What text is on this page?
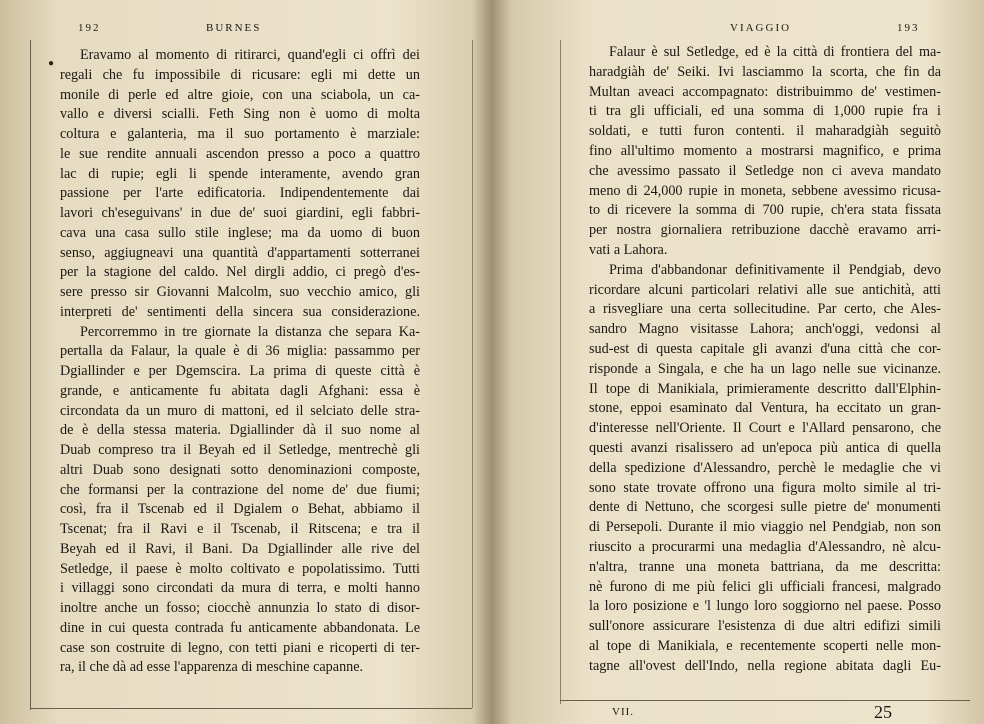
192	BURNES
●
Eravamo al momento di ritirarci, quand'egli ci offrì dei
regali che fu impossibile di ricusare: egli mi dette un
monile di perle ed altre gioie, con una sciabola, un ca-
vallo e diversi scialli. Feth Sing non è uomo di molta
coltura e galanteria, ma il suo portamento è marziale:
le sue rendite annuali ascendon presso a poco a quattro
lac di rupie; egli li spende interamente, avendo gran
passione per l'arte edificatoria. Indipendentemente dai
lavori ch'eseguivans' in due de' suoi giardini, egli fabbri-
cava una casa sullo stile inglese; ma da uomo di buon
senso, aggiugneavi una quantità d'appartamenti sotterranei
per la stagione del caldo. Nel dirgli addio, ci pregò d'es-
sere presso sir Giovanni Malcolm, suo vecchio amico, gli
interpreti de' sentimenti della sincera sua considerazione.
Percorremmo in tre giornate la distanza che separa Ka-
pertalla da Falaur, la quale è di 36 miglia: passammo per
Dgiallinder e per Dgemscira. La prima di queste città è
grande, e anticamente fu abitata dagli Afghani: essa è
circondata da un muro di mattoni, ed il selciato delle stra-
de è della stessa materia. Dgiallinder dà il suo nome al
Duab compreso tra il Beyah ed il Setledge, mentrechè gli
altri Duab sono designati sotto denominazioni composte,
che formansi per la contrazione del nome de' due fiumi;
così, fra il Tscenab ed il Dgialem o Behat, abbiamo il
Tscenat; fra il Ravi e il Tscenab, il Ritscena; e tra il
Beyah ed il Ravi, il Bani. Da Dgiallinder alle rive del
Setledge, il paese è molto coltivato e popolatissimo. Tutti
i villaggi sono circondati da mura di terra, e molti hanno
inoltre anche un fosso; ciocchè annunzia lo stato di disor-
dine in cui questa contrada fu anticamente abbandonata. Le
case son costruite di legno, con tetti piani e ricoperti di ter-
ra, il che dà ad esse l'apparenza di meschine capanne.
VIAGGIO	193
Falaur è sul Setledge, ed è la città di frontiera del ma-
haradgiàh de' Seiki. Ivi lasciammo la scorta, che fin da
Multan aveaci accompagnato: distribuimmo de' vestimen-
ti tra gli ufficiali, ed una somma di 1,000 rupie fra i
soldati, e tutti furon contenti. il maharadgiàh seguitò
fino all'ultimo momento a mostrarsi magnifico, e prima
che avessimo passato il Setledge non ci aveva mandato
meno di 24,000 rupie in moneta, sebbene avessimo ricusa-
to di ricevere la somma di 700 rupie, ch'era stata fissata
per nostra giornaliera retribuzione dacchè eravamo arri-
vati a Lahora.
Prima d'abbandonar definitivamente il Pendgiab, devo
ricordare alcuni particolari relativi alle sue antichità, atti
a risvegliare una certa sollecitudine. Par certo, che Ales-
sandro Magno visitasse Lahora; anch'oggi, vedonsi al
sud-est di questa capitale gli avanzi d'una città che cor-
risponde a Singala, e che ha un lago nelle sue vicinanze.
Il tope di Manikiala, primieramente descritto dall'Elphin-
stone, eppoi esaminato dal Ventura, ha eccitato un gran-
d'interesse nell'Oriente. Il Court e l'Allard pensarono, che
questi avanzi risalissero ad un'epoca più antica di quella
della spedizione d'Alessandro, perchè le medaglie che vi
sono state trovate offrono una figura molto simile al tri-
dente di Nettuno, che scorgesi sulle pietre de' monumenti
di Persepoli. Durante il mio viaggio nel Pendgiab, non son
riuscito a procurarmi una medaglia d'Alessandro, nè alcu-
n'altra, tranne una moneta battriana, da me descritta:
nè furono di me più felici gli ufficiali francesi, malgrado
la loro posizione e 'l lungo loro soggiorno nel paese. Posso
sull'onore assicurare l'esistenza di due altri edifizi simili
al tope di Manikiala, e recentemente scoperti nelle mon-
tagne all'ovest dell'Indo, nella regione abitata dagli Eu-
VII.	25
